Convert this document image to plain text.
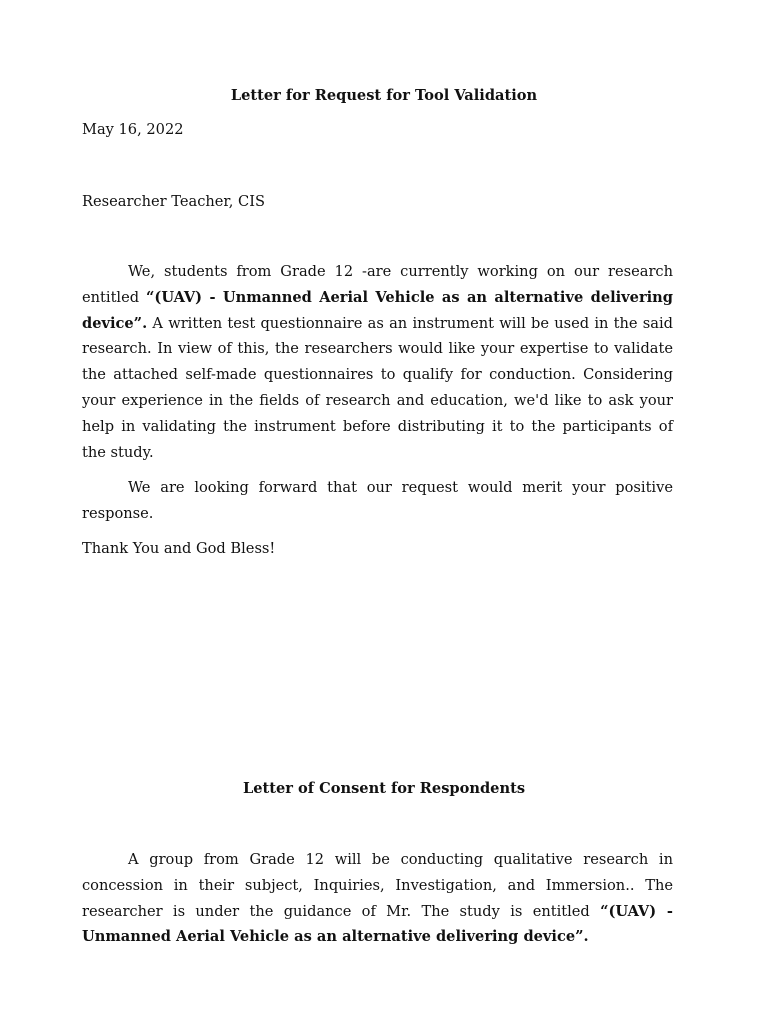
Letter for Request for Tool Validation

May 16, 2022

Researcher Teacher, CIS

We, students from Grade 12 -are currently working on our research entitled “(UAV) - Unmanned Aerial Vehicle as an alternative delivering device”. A written test questionnaire as an instrument will be used in the said research. In view of this, the researchers would like your expertise to validate the attached self-made questionnaires to qualify for conduction. Considering your experience in the fields of research and education, we'd like to ask your help in validating the instrument before distributing it to the participants of the study.

We are looking forward that our request would merit your positive response.

Thank You and God Bless!

Letter of Consent for Respondents

A group from Grade 12 will be conducting qualitative research in concession in their subject, Inquiries, Investigation, and Immersion.. The researcher is under the guidance of Mr. The study is entitled “(UAV) - Unmanned Aerial Vehicle as an alternative delivering device”.
